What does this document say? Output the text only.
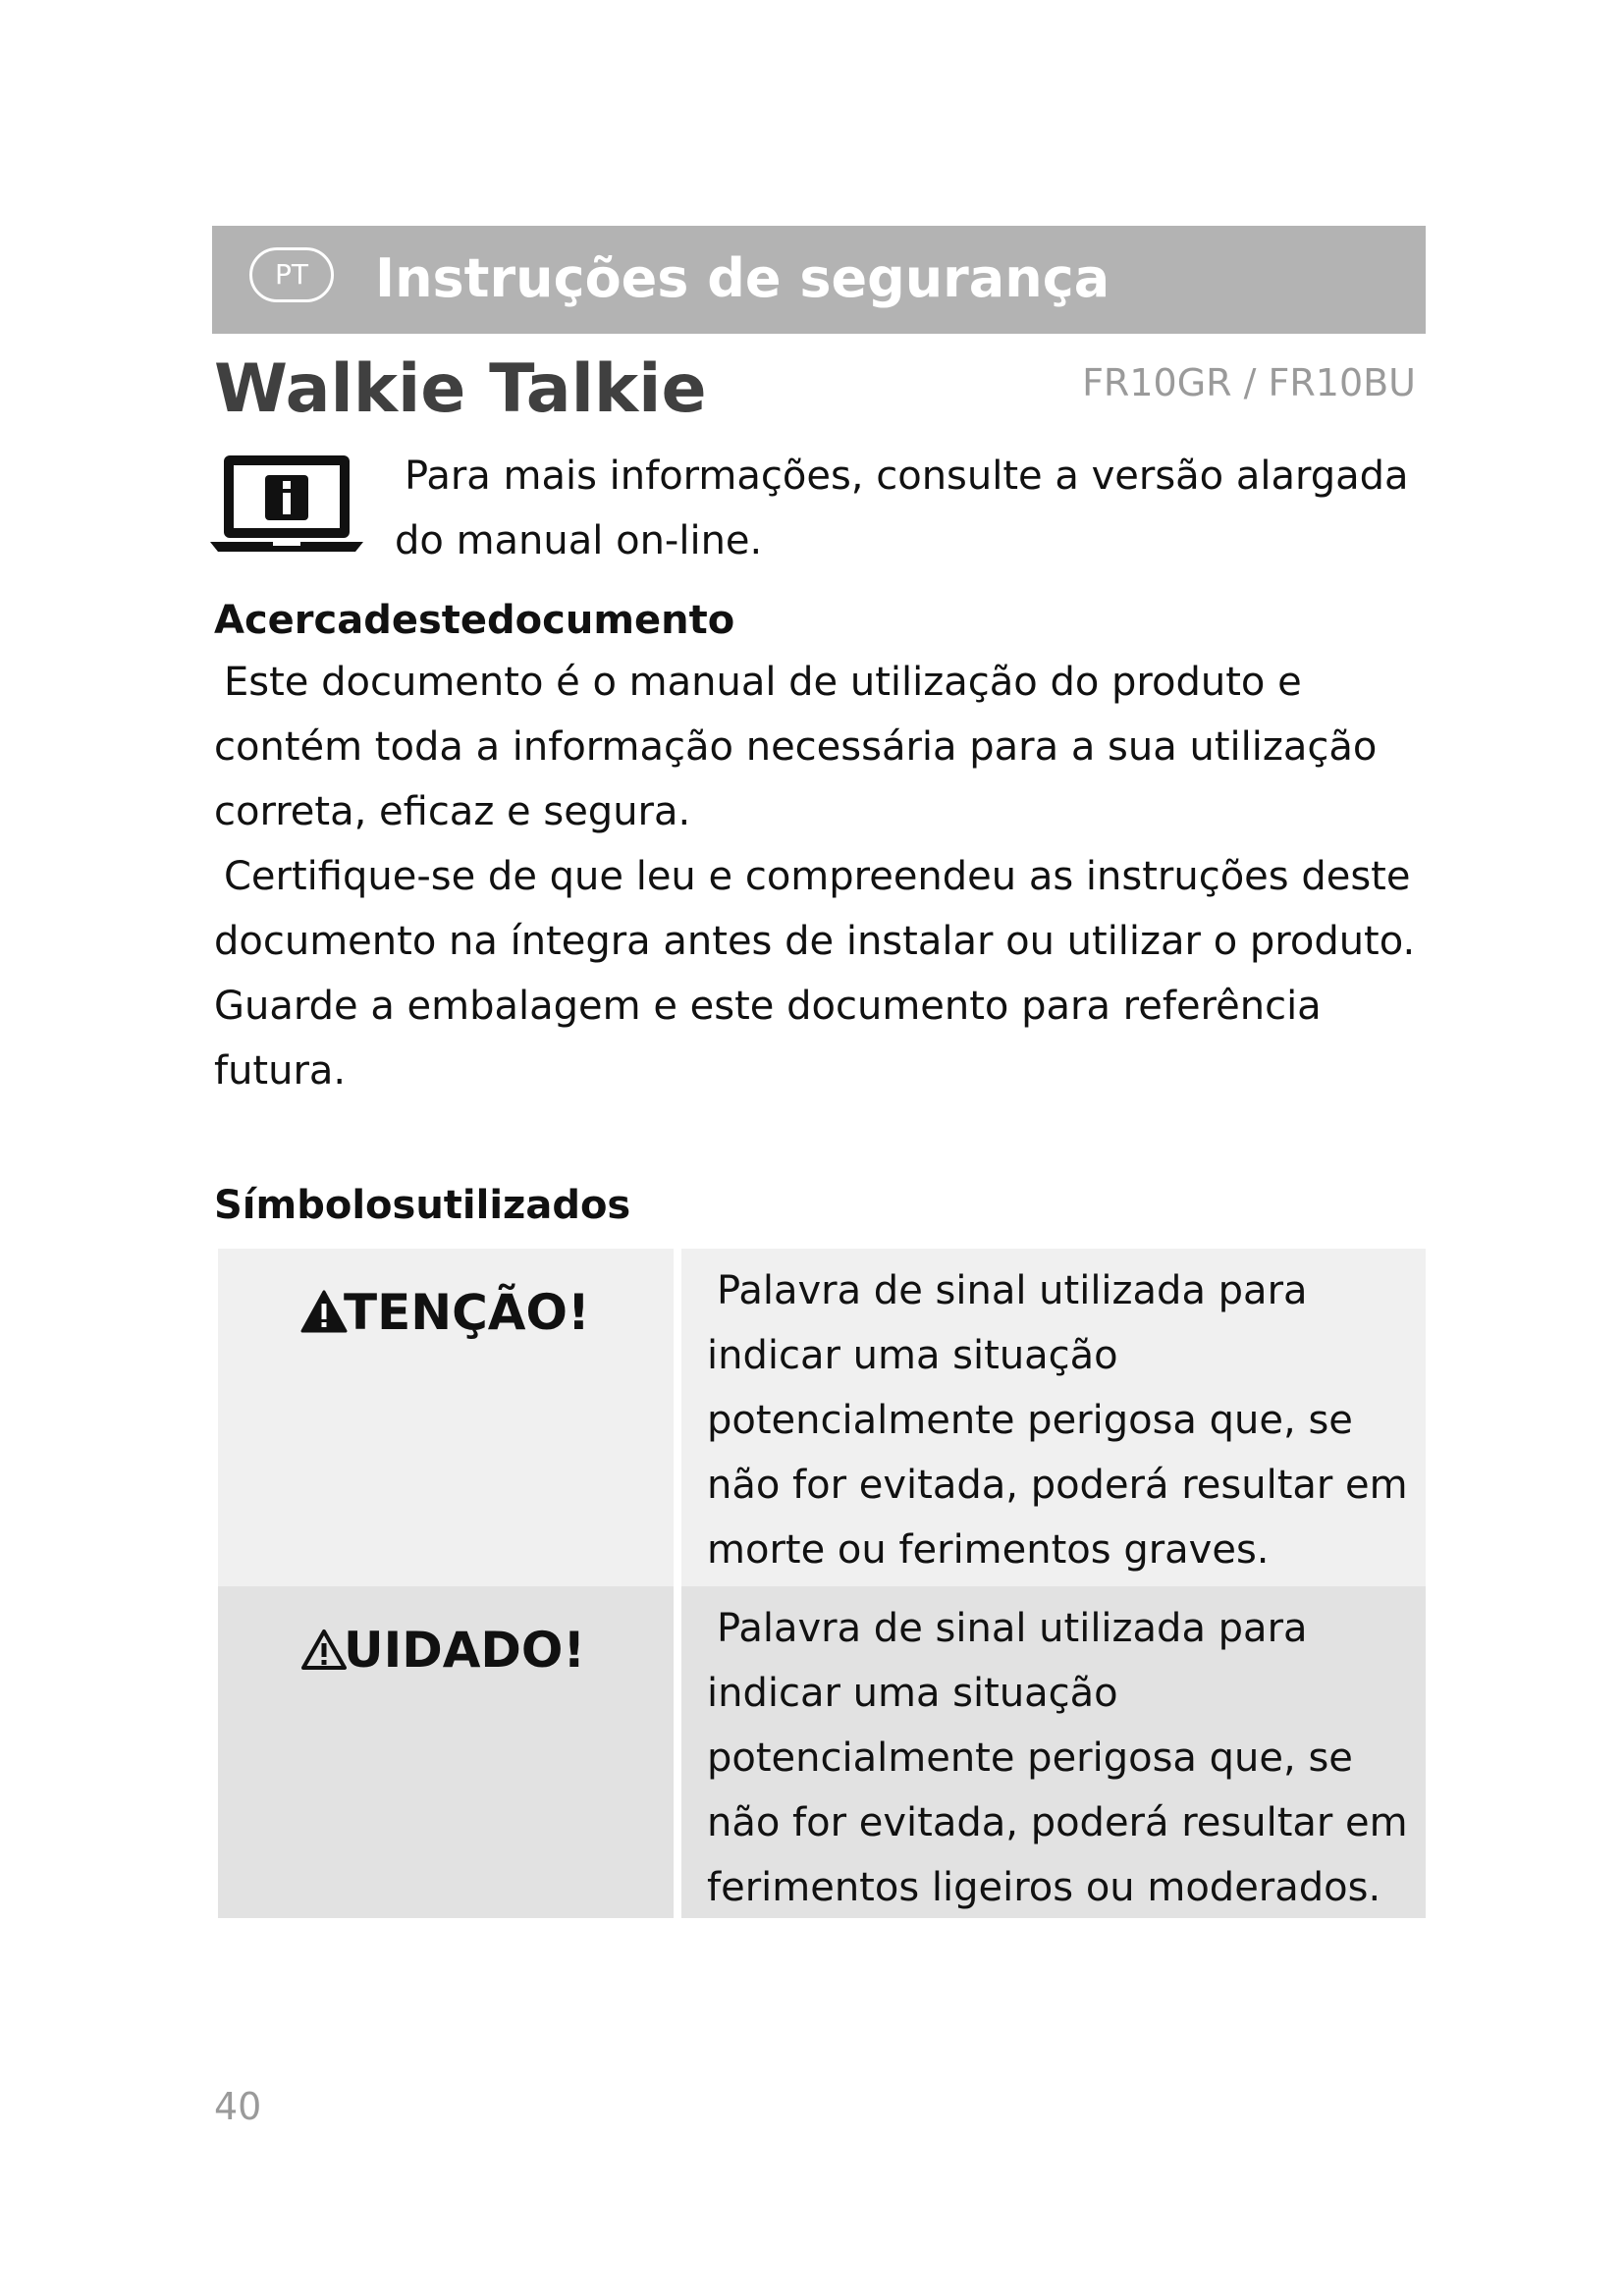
PT	Instruções de segurança
Walkie Talkie	FR10GR / FR10BU
Para mais informações, consulte a versão alargada
do manual on-line.
Acercadestedocumento

Este documento é o manual de utilização do produto e

contém toda a informação necessária para a sua utilização

correta, eficaz e segura.

Certifique-se de que leu e compreendeu as instruções deste

documento na íntegra antes de instalar ou utilizar o produto.

Guarde a embalagem e este documento para referência

futura.

Símbolosutilizados
TENÇÃO!	Palavra de sinal utilizada para
indicar uma situação
potencialmente perigosa que, se
não for evitada, poderá resultar em
morte ou ferimentos graves.
UIDADO!	Palavra de sinal utilizada para
indicar uma situação
potencialmente perigosa que, se
não for evitada, poderá resultar em
ferimentos ligeiros ou moderados.
40
